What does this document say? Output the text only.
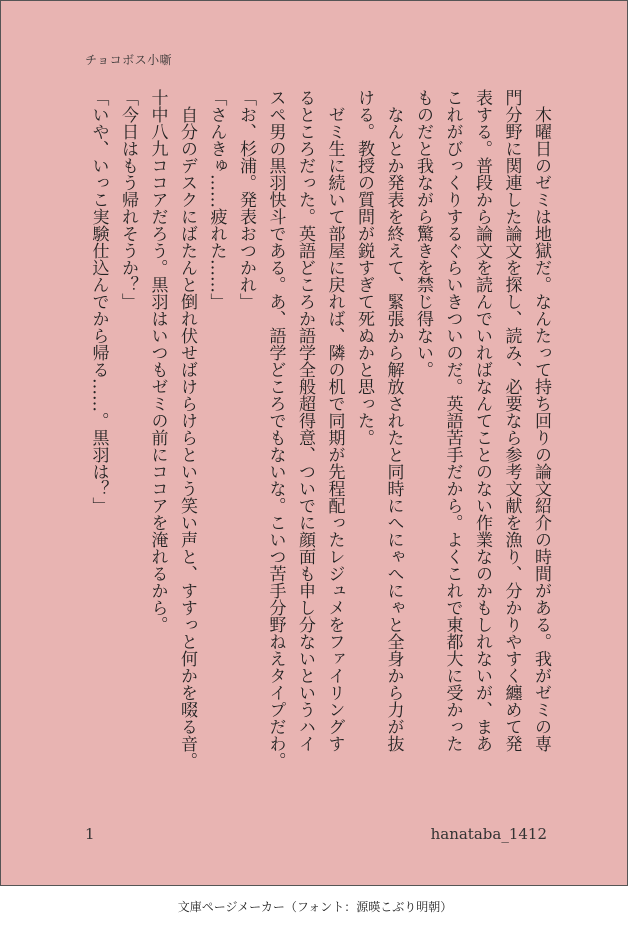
チョコボス小噺

　木曜日のゼミは地獄だ。なんたって持ち回りの論文紹介の時間がある。我がゼミの専

門分野に関連した論文を探し、読み、必要なら参考文献を漁り、分かりやすく纏めて発

表する。普段から論文を読んでいればなんてことのない作業なのかもしれないが、まあ

これがびっくりするぐらいきついのだ。英語苦手だから。よくこれで東都大に受かった

ものだと我ながら驚きを禁じ得ない。

　なんとか発表を終えて、緊張から解放されたと同時にへにゃへにゃと全身から力が抜

ける。教授の質問が鋭すぎて死ぬかと思った。

　ゼミ生に続いて部屋に戻れば、隣の机で同期が先程配ったレジュメをファイリングす

るところだった。英語どころか語学全般超得意、ついでに顔面も申し分ないというハイ

スペ男の黒羽快斗である。あ、語学どころでもないな。こいつ苦手分野ねえタイプだわ。

「お、杉浦。発表おつかれ」

「さんきゅ……疲れた……」

　自分のデスクにばたんと倒れ伏せばけらけらという笑い声と、すすっと何かを啜る音。

十中八九ココアだろう。黒羽はいつもゼミの前にココアを淹れるから。

「今日はもう帰れそうか？」

「いや、いっこ実験仕込んでから帰る……。黒羽は？」

1	hanataba_1412
文庫ページメーカー（フォント：源暎こぶり明朝）
